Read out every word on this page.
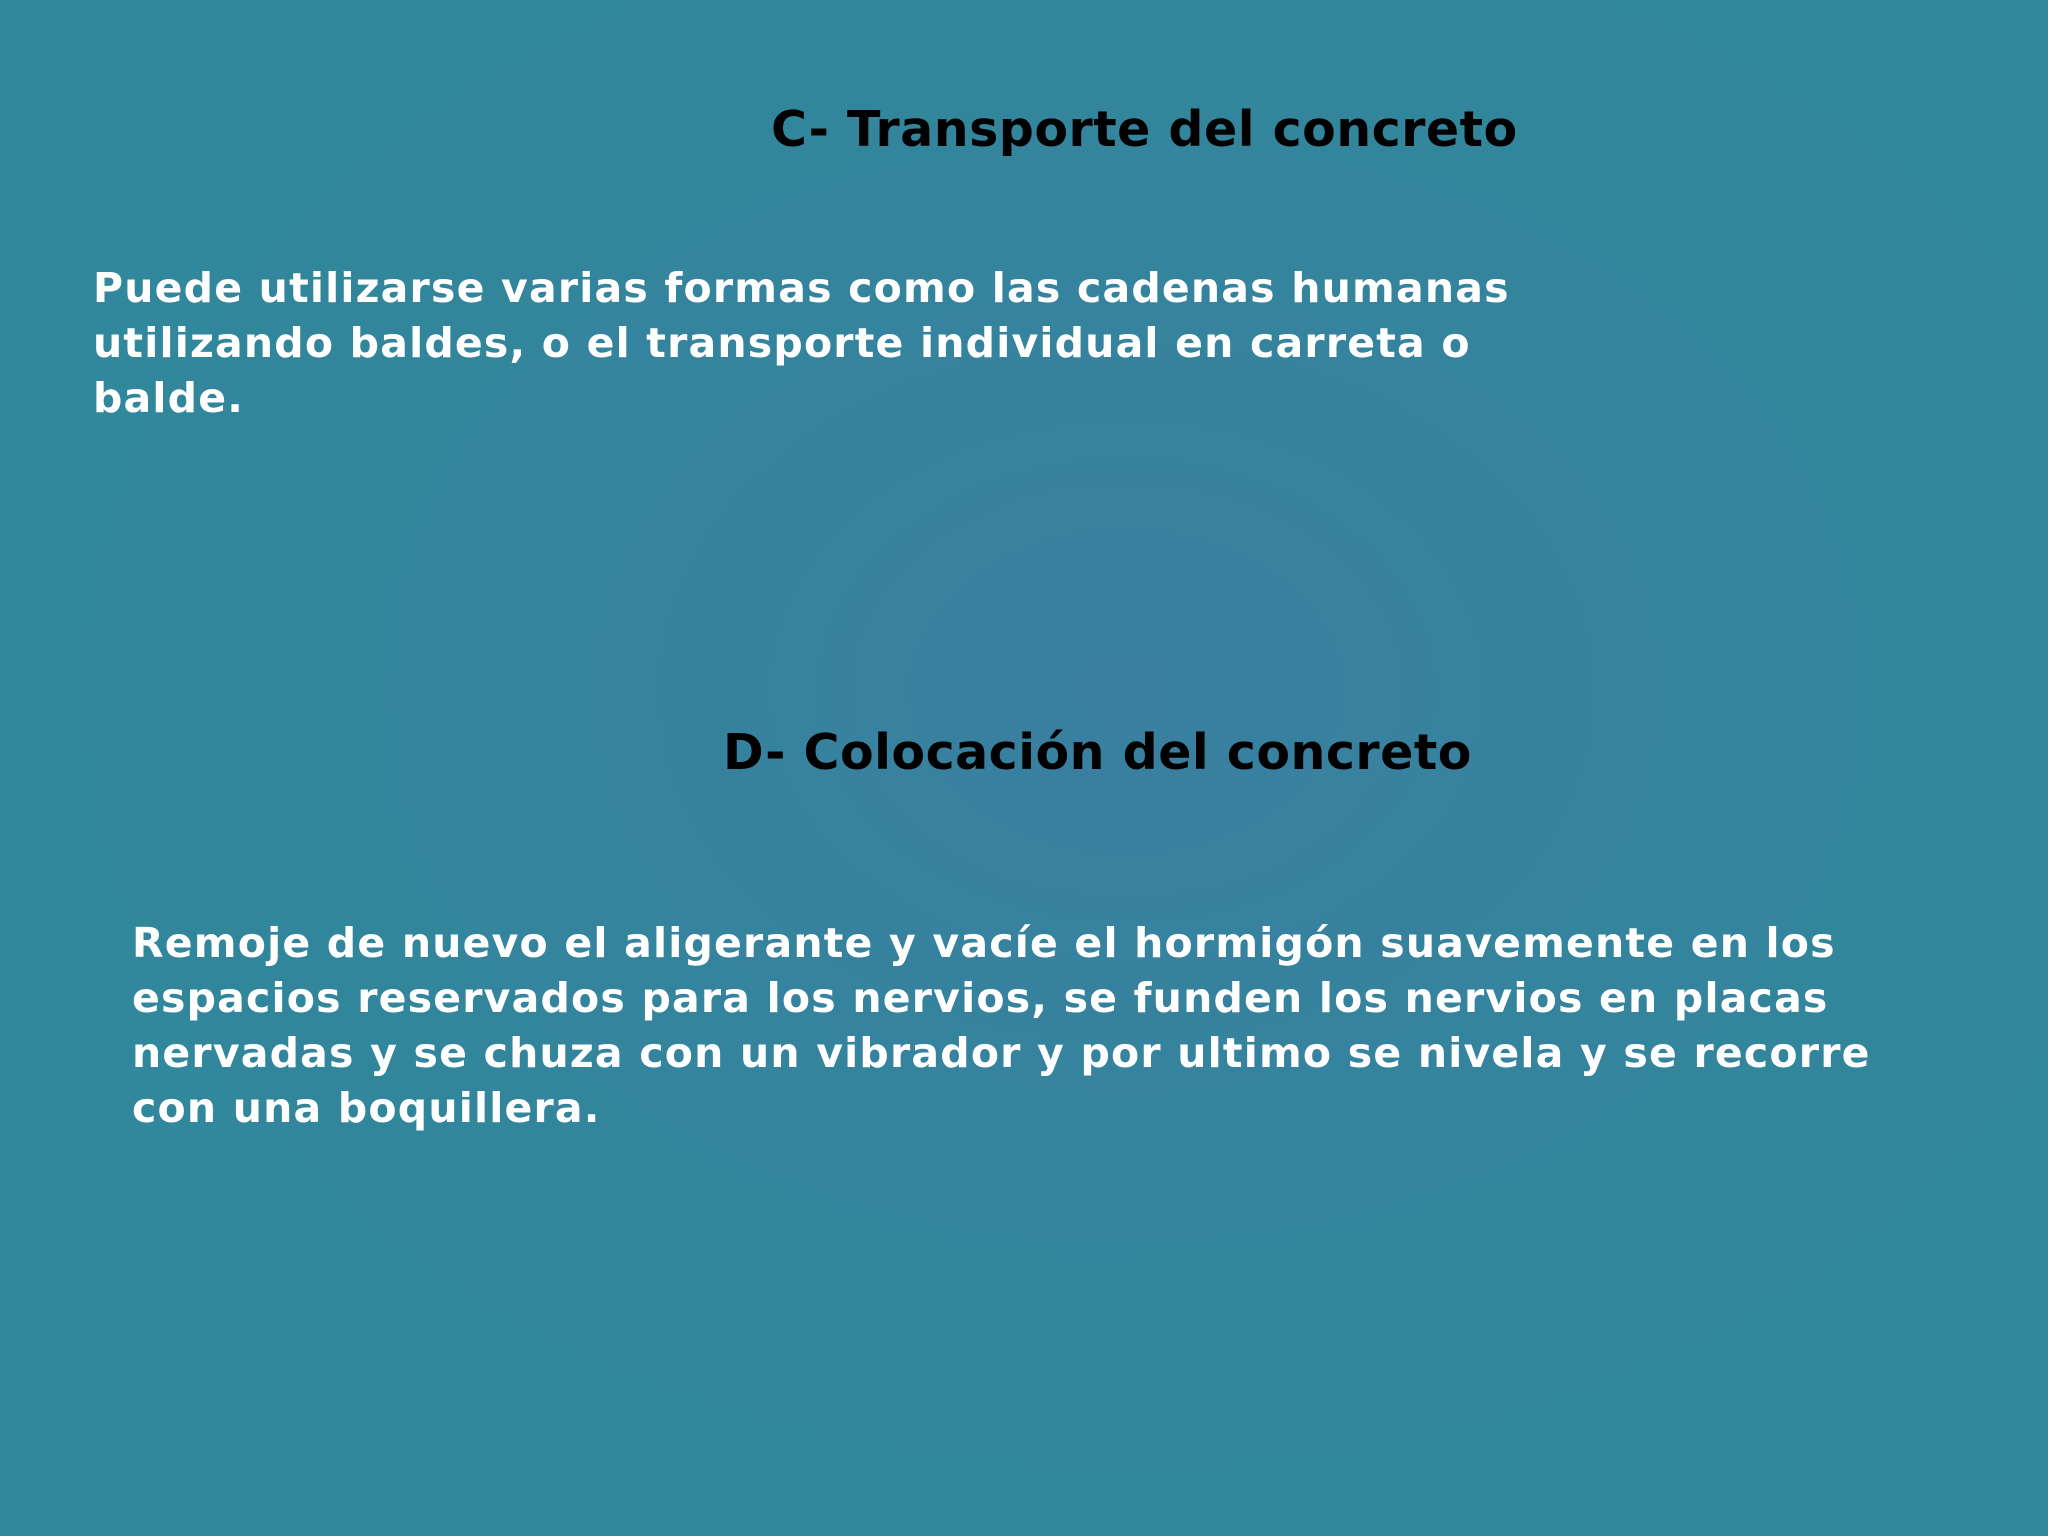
C- Transporte del concreto

Puede utilizarse varias formas como las cadenas humanas
utilizando baldes, o el transporte individual en carreta o
balde.

D- Colocación del concreto

Remoje de nuevo el aligerante y vacíe el hormigón suavemente en los
espacios reservados para los nervios, se funden los nervios en placas
nervadas y se chuza con un vibrador y por ultimo se nivela y se recorre
con una boquillera.
